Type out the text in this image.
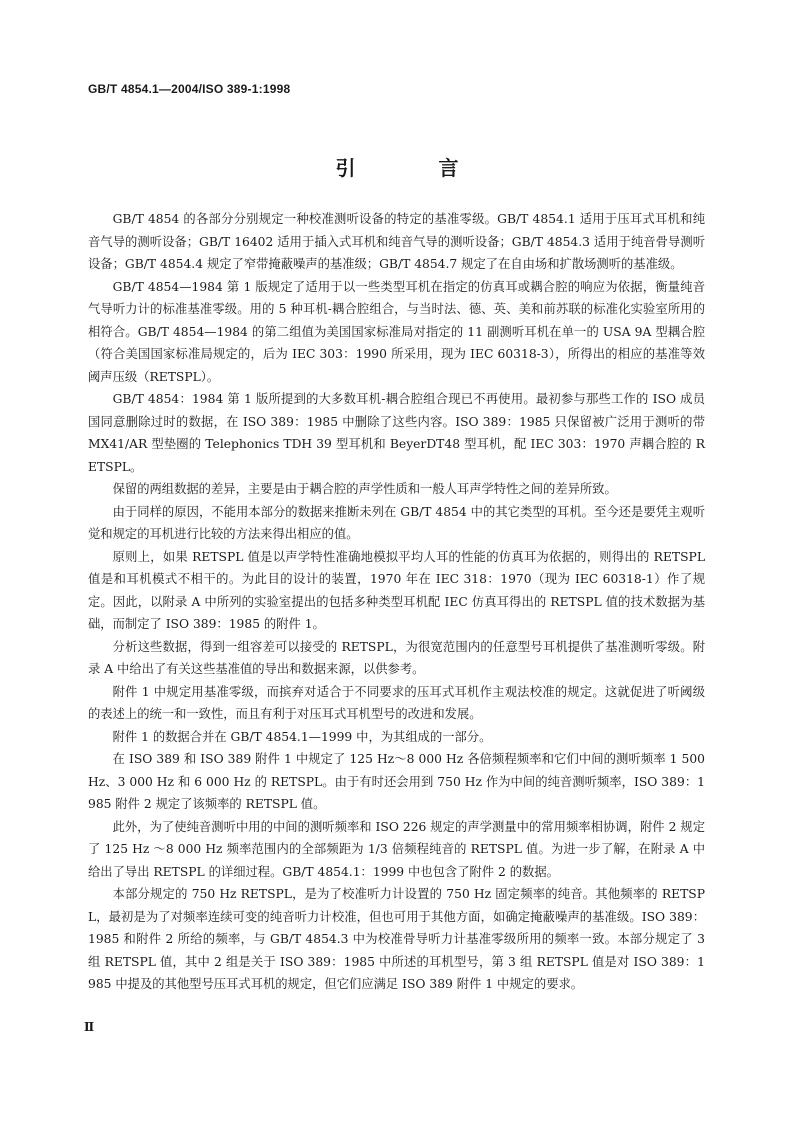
GB/T 4854.1—2004/ISO 389-1:1998
引 言

GB/T 4854 的各部分分别规定一种校准测听设备的特定的基准零级。GB/T 4854.1 适用于压耳式耳机和纯音气导的测听设备；GB/T 16402 适用于插入式耳机和纯音气导的测听设备；GB/T 4854.3 适用于纯音骨导测听设备；GB/T 4854.4 规定了窄带掩蔽噪声的基准级；GB/T 4854.7 规定了在自由场和扩散场测听的基准级。

GB/T 4854—1984 第 1 版规定了适用于以一些类型耳机在指定的仿真耳或耦合腔的响应为依据，衡量纯音气导听力计的标准基准零级。用的 5 种耳机-耦合腔组合，与当时法、德、英、美和前苏联的标准化实验室所用的相符合。GB/T 4854—1984 的第二组值为美国国家标准局对指定的 11 副测听耳机在单一的 USA 9A 型耦合腔（符合美国国家标准局规定的，后为 IEC 303：1990 所采用，现为 IEC 60318-3），所得出的相应的基准等效阈声压级（RETSPL）。

GB/T 4854：1984 第 1 版所提到的大多数耳机-耦合腔组合现已不再使用。最初参与那些工作的 ISO 成员国同意删除过时的数据，在 ISO 389：1985 中删除了这些内容。ISO 389：1985 只保留被广泛用于测听的带 MX41/AR 型垫圈的 Telephonics TDH 39 型耳机和 BeyerDT48 型耳机，配 IEC 303：1970 声耦合腔的 RETSPL。

保留的两组数据的差异，主要是由于耦合腔的声学性质和一般人耳声学特性之间的差异所致。

由于同样的原因，不能用本部分的数据来推断未列在 GB/T 4854 中的其它类型的耳机。至今还是要凭主观听觉和规定的耳机进行比较的方法来得出相应的值。

原则上，如果 RETSPL 值是以声学特性准确地模拟平均人耳的性能的仿真耳为依据的，则得出的 RETSPL 值是和耳机模式不相干的。为此目的设计的装置，1970 年在 IEC 318：1970（现为 IEC 60318-1）作了规定。因此，以附录 A 中所列的实验室提出的包括多种类型耳机配 IEC 仿真耳得出的 RETSPL 值的技术数据为基础，而制定了 ISO 389：1985 的附件 1。

分析这些数据，得到一组容差可以接受的 RETSPL，为很宽范围内的任意型号耳机提供了基准测听零级。附录 A 中给出了有关这些基准值的导出和数据来源，以供参考。

附件 1 中规定用基准零级，而摈弃对适合于不同要求的压耳式耳机作主观法校准的规定。这就促进了听阈级的表述上的统一和一致性，而且有利于对压耳式耳机型号的改进和发展。

附件 1 的数据合并在 GB/T 4854.1—1999 中，为其组成的一部分。

在 ISO 389 和 ISO 389 附件 1 中规定了 125 Hz～8 000 Hz 各倍频程频率和它们中间的测听频率 1 500 Hz、3 000 Hz 和 6 000 Hz 的 RETSPL。由于有时还会用到 750 Hz 作为中间的纯音测听频率，ISO 389：1985 附件 2 规定了该频率的 RETSPL 值。

此外，为了使纯音测听中用的中间的测听频率和 ISO 226 规定的声学测量中的常用频率相协调，附件 2 规定了 125 Hz ～8 000 Hz 频率范围内的全部频距为 1/3 倍频程纯音的 RETSPL 值。为进一步了解，在附录 A 中给出了导出 RETSPL 的详细过程。GB/T 4854.1：1999 中也包含了附件 2 的数据。

本部分规定的 750 Hz RETSPL，是为了校准听力计设置的 750 Hz 固定频率的纯音。其他频率的 RETSPL，最初是为了对频率连续可变的纯音听力计校准，但也可用于其他方面，如确定掩蔽噪声的基准级。ISO 389：1985 和附件 2 所给的频率，与 GB/T 4854.3 中为校准骨导听力计基准零级所用的频率一致。本部分规定了 3 组 RETSPL 值，其中 2 组是关于 ISO 389：1985 中所述的耳机型号，第 3 组 RETSPL 值是对 ISO 389：1985 中提及的其他型号压耳式耳机的规定，但它们应满足 ISO 389 附件 1 中规定的要求。

Ⅱ
